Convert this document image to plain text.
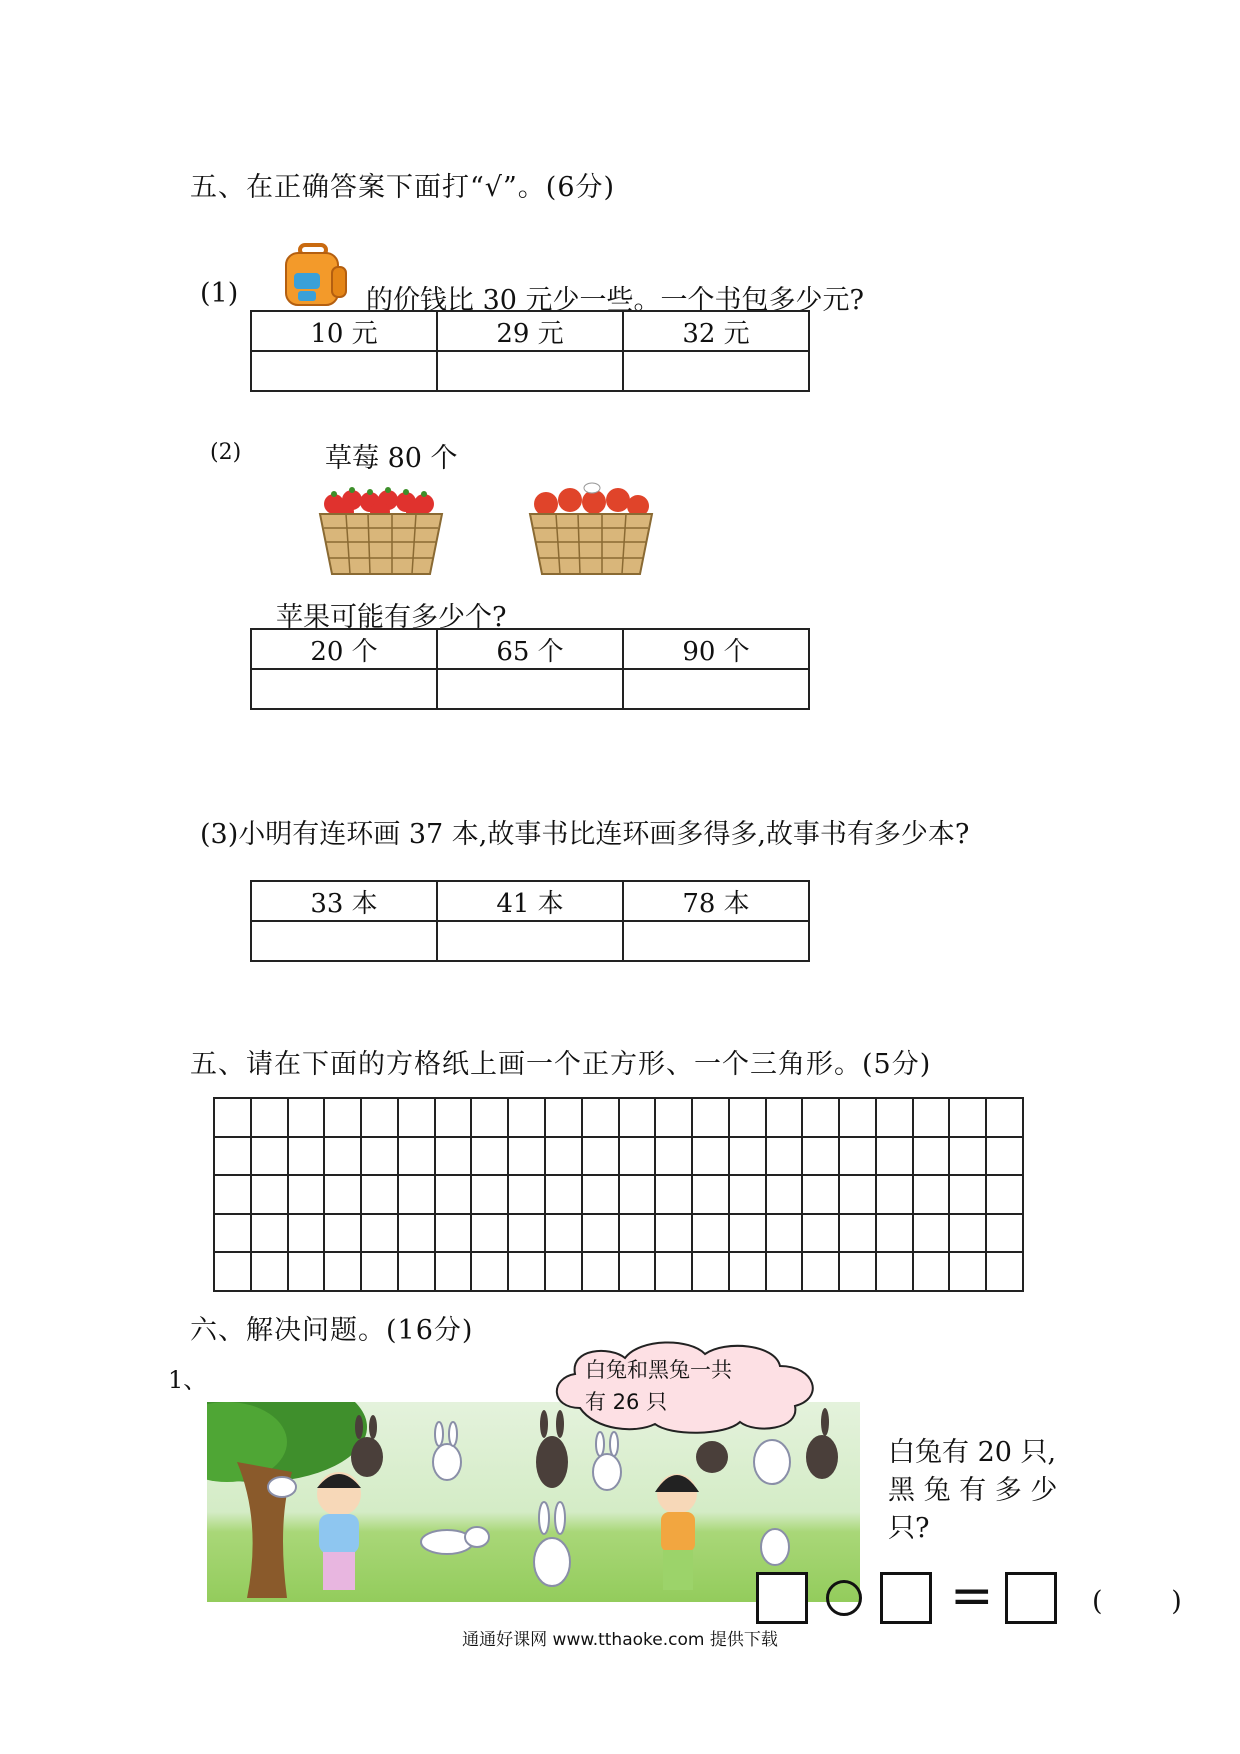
五、在正确答案下面打“√”。(6分)
(1)	的价钱比 30 元少一些。一个书包多少元?
10 元	29 元	32 元

(2)	草莓 80 个
苹果可能有多少个?
20 个	65 个	90 个

(3)小明有连环画 37 本,故事书比连环画多得多,故事书有多少本?
33 本	41 本	78 本

五、请在下面的方格纸上画一个正方形、一个三角形。(5分)
六、解决问题。(16分)
1、	白兔和黑兔一共
有 26 只
白兔有 20 只,
黑 兔 有 多 少
只?
=	(        )
通通好课网 www.tthaoke.com 提供下载
